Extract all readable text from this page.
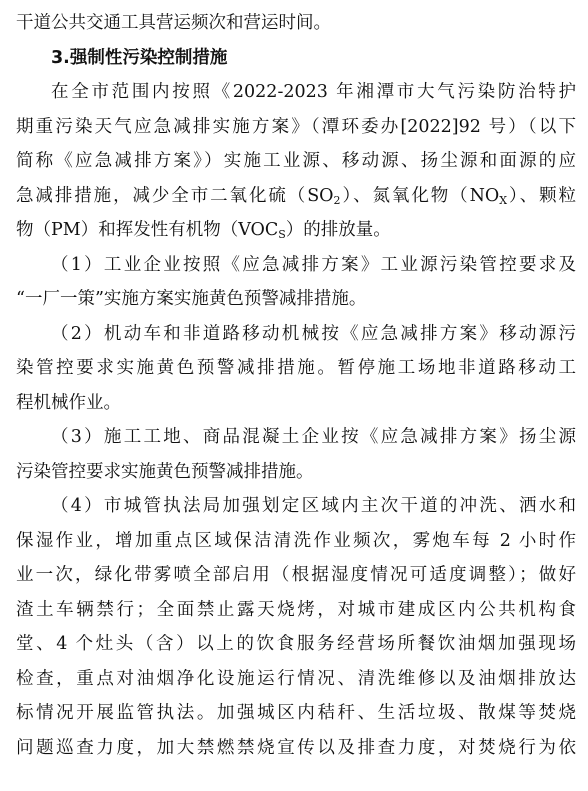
干道公共交通工具营运频次和营运时间。
3.强制性污染控制措施
在全市范围内按照《2022-2023 年湘潭市大气污染防治特护
期重污染天气应急减排实施方案》（潭环委办[2022]92 号）（以下
简称《应急减排方案》）实施工业源、移动源、扬尘源和面源的应
急减排措施，减少全市二氧化硫$(SO_2)$、氮氧化物$(NO_X)$、颗粒
物（PM）和挥发性有机物$(VOC_S)$的排放量。
（1）工业企业按照《应急减排方案》工业源污染管控要求及
“一厂一策”实施方案实施黄色预警减排措施。
（2）机动车和非道路移动机械按《应急减排方案》移动源污
染管控要求实施黄色预警减排措施。暂停施工场地非道路移动工
程机械作业。
（3）施工工地、商品混凝土企业按《应急减排方案》扬尘源
污染管控要求实施黄色预警减排措施。
（4）市城管执法局加强划定区域内主次干道的冲洗、洒水和
保湿作业，增加重点区域保洁清洗作业频次，雾炮车每 2 小时作
业一次，绿化带雾喷全部启用（根据湿度情况可适度调整）；做好
渣土车辆禁行；全面禁止露天烧烤，对城市建成区内公共机构食
堂、4 个灶头（含）以上的饮食服务经营场所餐饮油烟加强现场
检查，重点对油烟净化设施运行情况、清洗维修以及油烟排放达
标情况开展监管执法。加强城区内秸秆、生活垃圾、散煤等焚烧
问题巡查力度，加大禁燃禁烧宣传以及排查力度，对焚烧行为依
